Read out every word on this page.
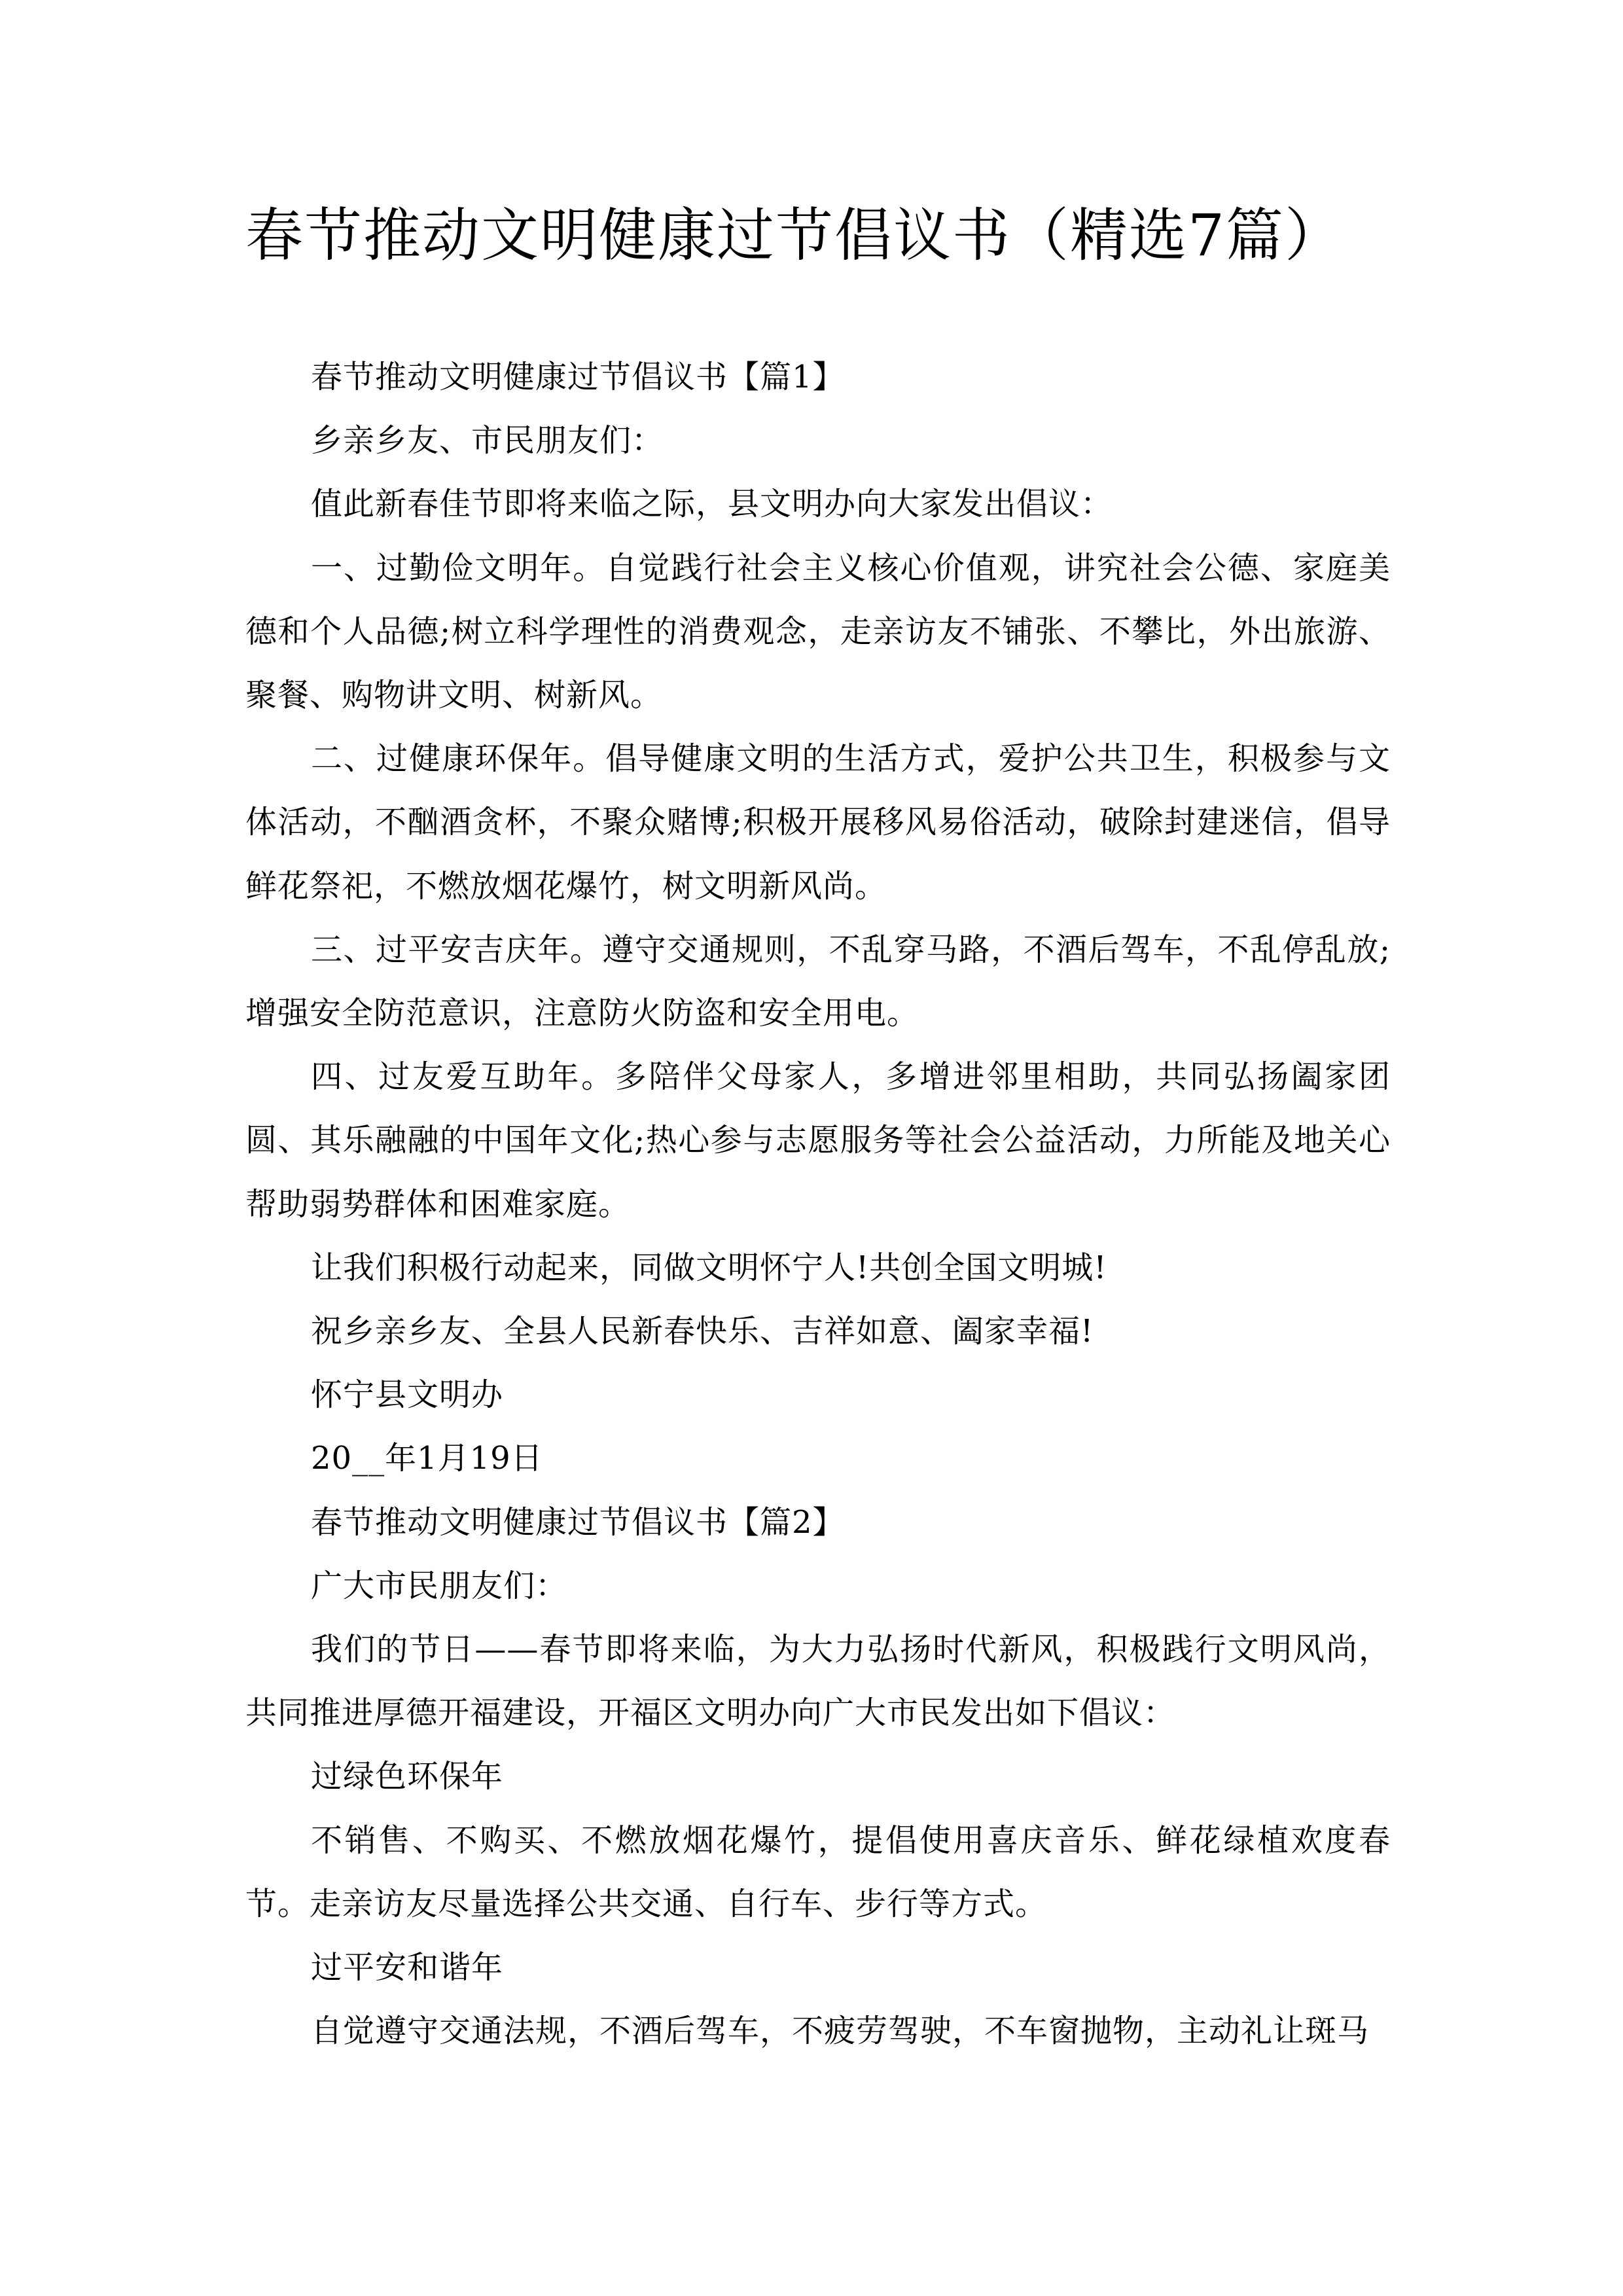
春节推动文明健康过节倡议书（精选7篇）

春节推动文明健康过节倡议书【篇1】

乡亲乡友、市民朋友们：

值此新春佳节即将来临之际，县文明办向大家发出倡议：

一、过勤俭文明年。自觉践行社会主义核心价值观，讲究社会公德、家庭美德和个人品德;树立科学理性的消费观念，走亲访友不铺张、不攀比，外出旅游、聚餐、购物讲文明、树新风。

二、过健康环保年。倡导健康文明的生活方式，爱护公共卫生，积极参与文体活动，不酗酒贪杯，不聚众赌博;积极开展移风易俗活动，破除封建迷信，倡导鲜花祭祀，不燃放烟花爆竹，树文明新风尚。

三、过平安吉庆年。遵守交通规则，不乱穿马路，不酒后驾车，不乱停乱放;增强安全防范意识，注意防火防盗和安全用电。

四、过友爱互助年。多陪伴父母家人，多增进邻里相助，共同弘扬阖家团圆、其乐融融的中国年文化;热心参与志愿服务等社会公益活动，力所能及地关心帮助弱势群体和困难家庭。

让我们积极行动起来，同做文明怀宁人!共创全国文明城!

祝乡亲乡友、全县人民新春快乐、吉祥如意、阖家幸福!

怀宁县文明办

20__年1月19日

春节推动文明健康过节倡议书【篇2】

广大市民朋友们：

我们的节日——春节即将来临，为大力弘扬时代新风，积极践行文明风尚，共同推进厚德开福建设，开福区文明办向广大市民发出如下倡议：

过绿色环保年

不销售、不购买、不燃放烟花爆竹，提倡使用喜庆音乐、鲜花绿植欢度春节。走亲访友尽量选择公共交通、自行车、步行等方式。

过平安和谐年

自觉遵守交通法规，不酒后驾车，不疲劳驾驶，不车窗抛物，主动礼让斑马
